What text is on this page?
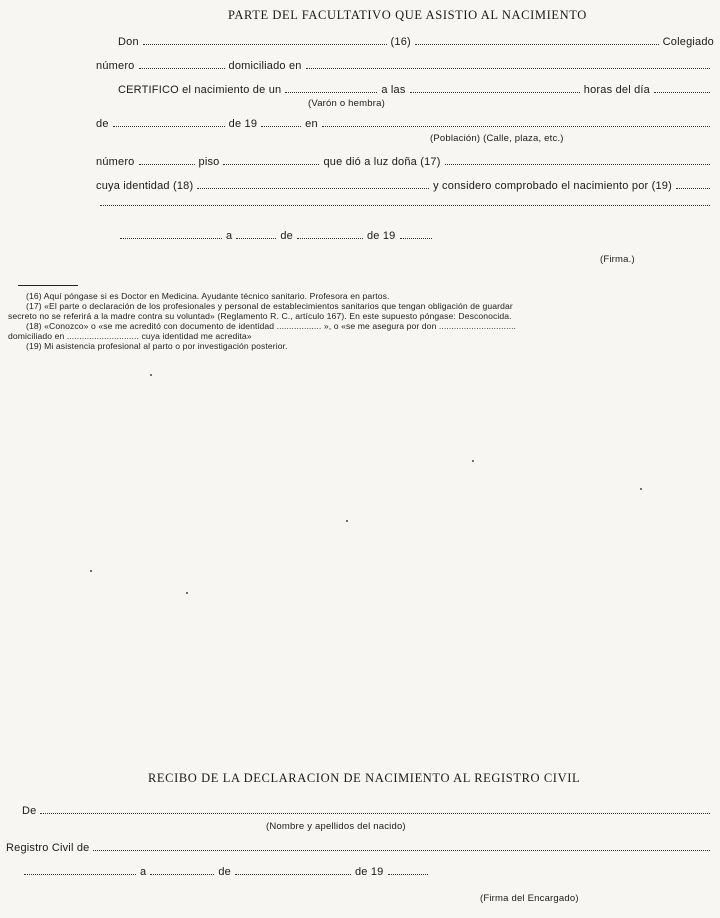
PARTE DEL FACULTATIVO QUE ASISTIO AL NACIMIENTO
Don	(16)	Colegiado
número	domiciliado en
CERTIFICO el nacimiento de un	a las	horas del día
(Varón o hembra)
de	de 19	en
(Población) (Calle, plaza, etc.)
número	piso	que dió a luz doña (17)
cuya identidad (18)	y considero comprobado el nacimiento por (19)
a	de	de 19
(Firma.)
(16) Aquí póngase si es Doctor en Medicina. Ayudante técnico sanitario. Profesora en partos.
(17) «El parte o declaración de los profesionales y personal de establecimientos sanitarios que tengan obligación de guardar
secreto no se referirá a la madre contra su voluntad» (Reglamento R. C., artículo 167). En este supuesto póngase: Desconocida.
(18) «Conozco» o «se me acreditó con documento de identidad .................. », o «se me asegura por don ...............................
domiciliado en ............................. cuya identidad me acredita»
(19) Mi asistencia profesional al parto o por investigación posterior.
RECIBO DE LA DECLARACION DE NACIMIENTO AL REGISTRO CIVIL
De
(Nombre y apellidos del nacido)
Registro Civil de
a	de	de 19
(Firma del Encargado)
